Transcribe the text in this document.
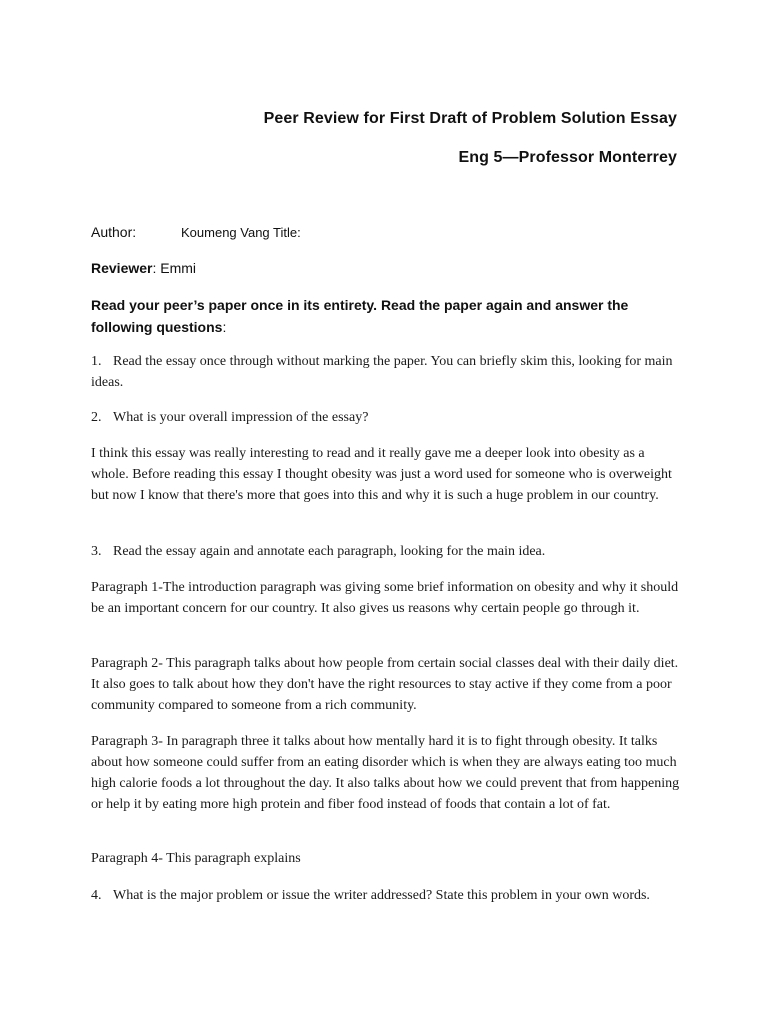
Peer Review for First Draft of Problem Solution Essay
Eng 5—Professor Monterrey
Author:	Koumeng Vang Title:
Reviewer: Emmi
Read your peer’s paper once in its entirety. Read the paper again and answer the following questions:
1. Read the essay once through without marking the paper. You can briefly skim this, looking for main ideas.
2. What is your overall impression of the essay?
I think this essay was really interesting to read and it really gave me a deeper look into obesity as a whole. Before reading this essay I thought obesity was just a word used for someone who is overweight but now I know that there's more that goes into this and why it is such a huge problem in our country.
3. Read the essay again and annotate each paragraph, looking for the main idea.
Paragraph 1-The introduction paragraph was giving some brief information on obesity and why it should be an important concern for our country. It also gives us reasons why certain people go through it.
Paragraph 2- This paragraph talks about how people from certain social classes deal with their daily diet. It also goes to talk about how they don't have the right resources to stay active if they come from a poor community compared to someone from a rich community.
Paragraph 3- In paragraph three it talks about how mentally hard it is to fight through obesity. It talks about how someone could suffer from an eating disorder which is when they are always eating too much high calorie foods a lot throughout the day. It also talks about how we could prevent that from happening or help it by eating more high protein and fiber food instead of foods that contain a lot of fat.
Paragraph 4- This paragraph explains
4. What is the major problem or issue the writer addressed? State this problem in your own words.
